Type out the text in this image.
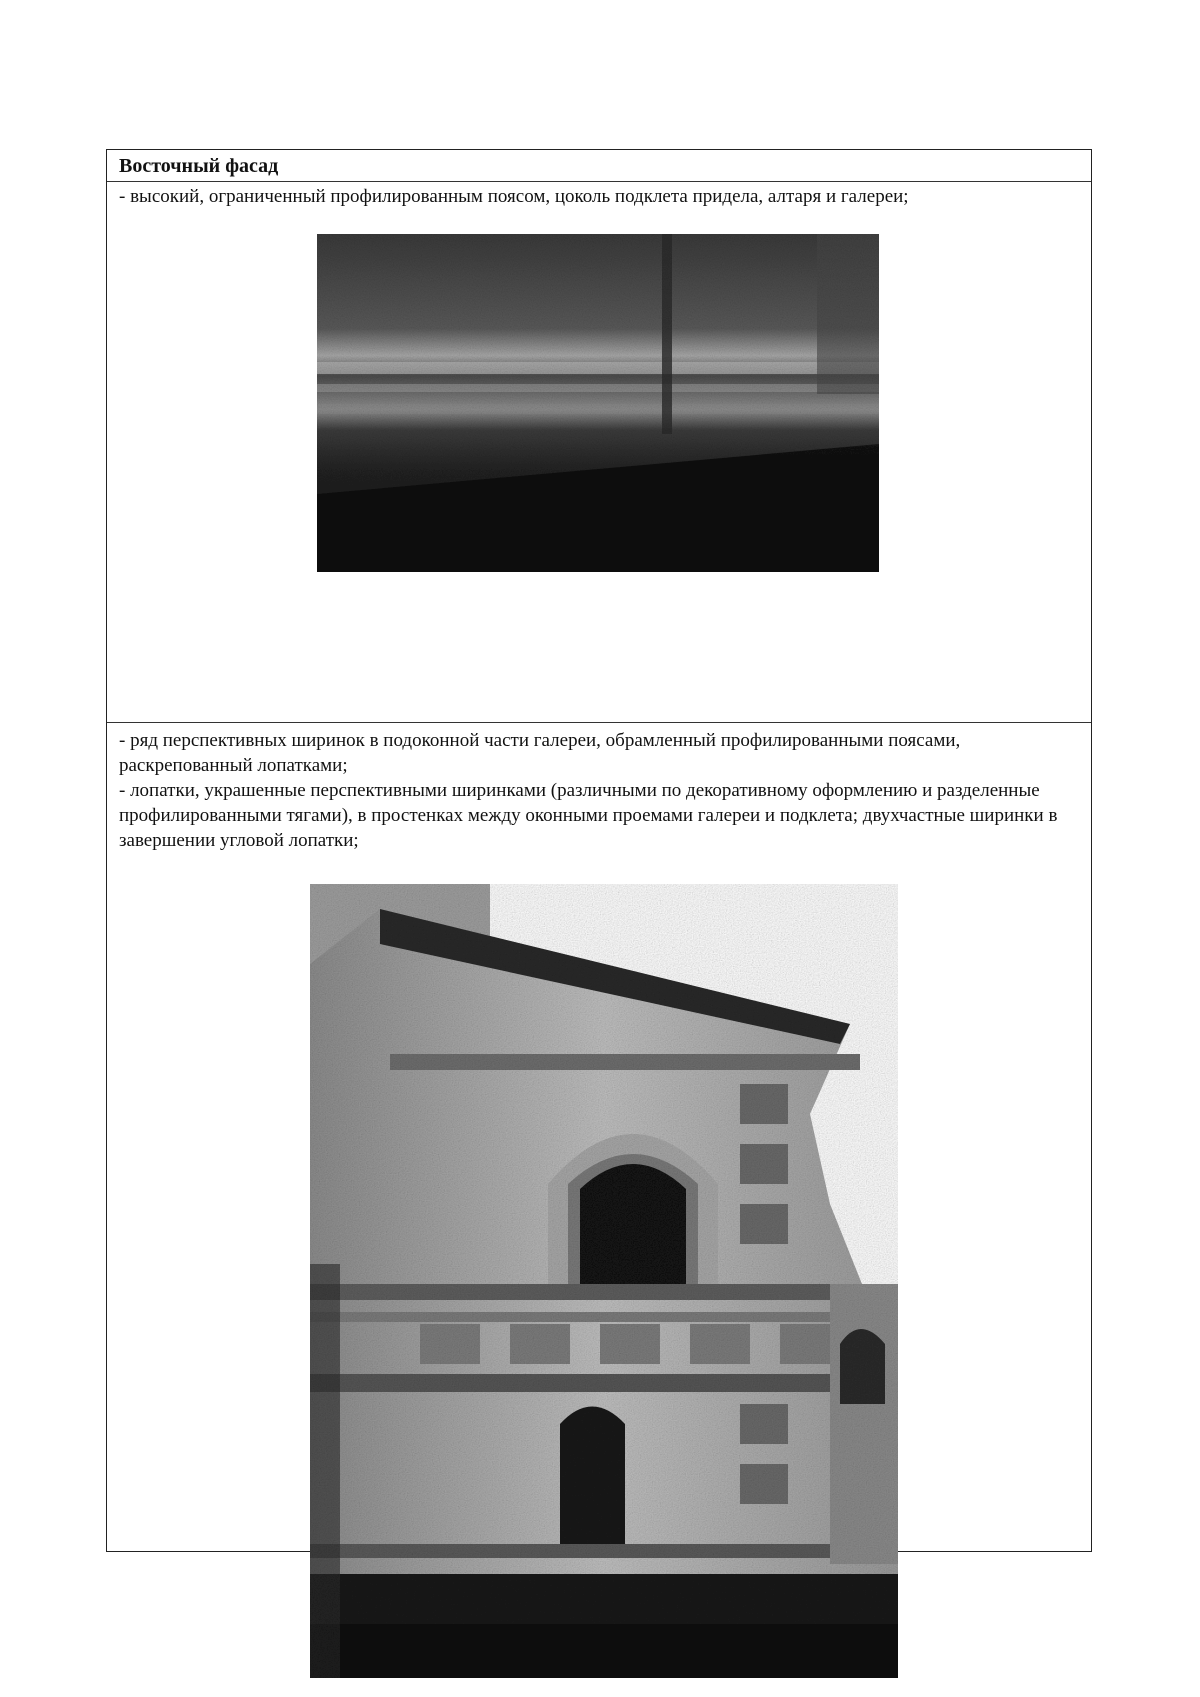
Восточный фасад

- высокий, ограниченный профилированным поясом, цоколь подклета придела, алтаря и галереи;

- ряд перспективных ширинок в подоконной части галереи, обрамленный профилированными поясами, раскрепованный лопатками;
- лопатки, украшенные перспективными ширинками (различными по декоративному оформлению и разделенные профилированными тягами), в простенках между оконными проемами галереи и подклета; двухчастные ширинки в завершении угловой лопатки;
